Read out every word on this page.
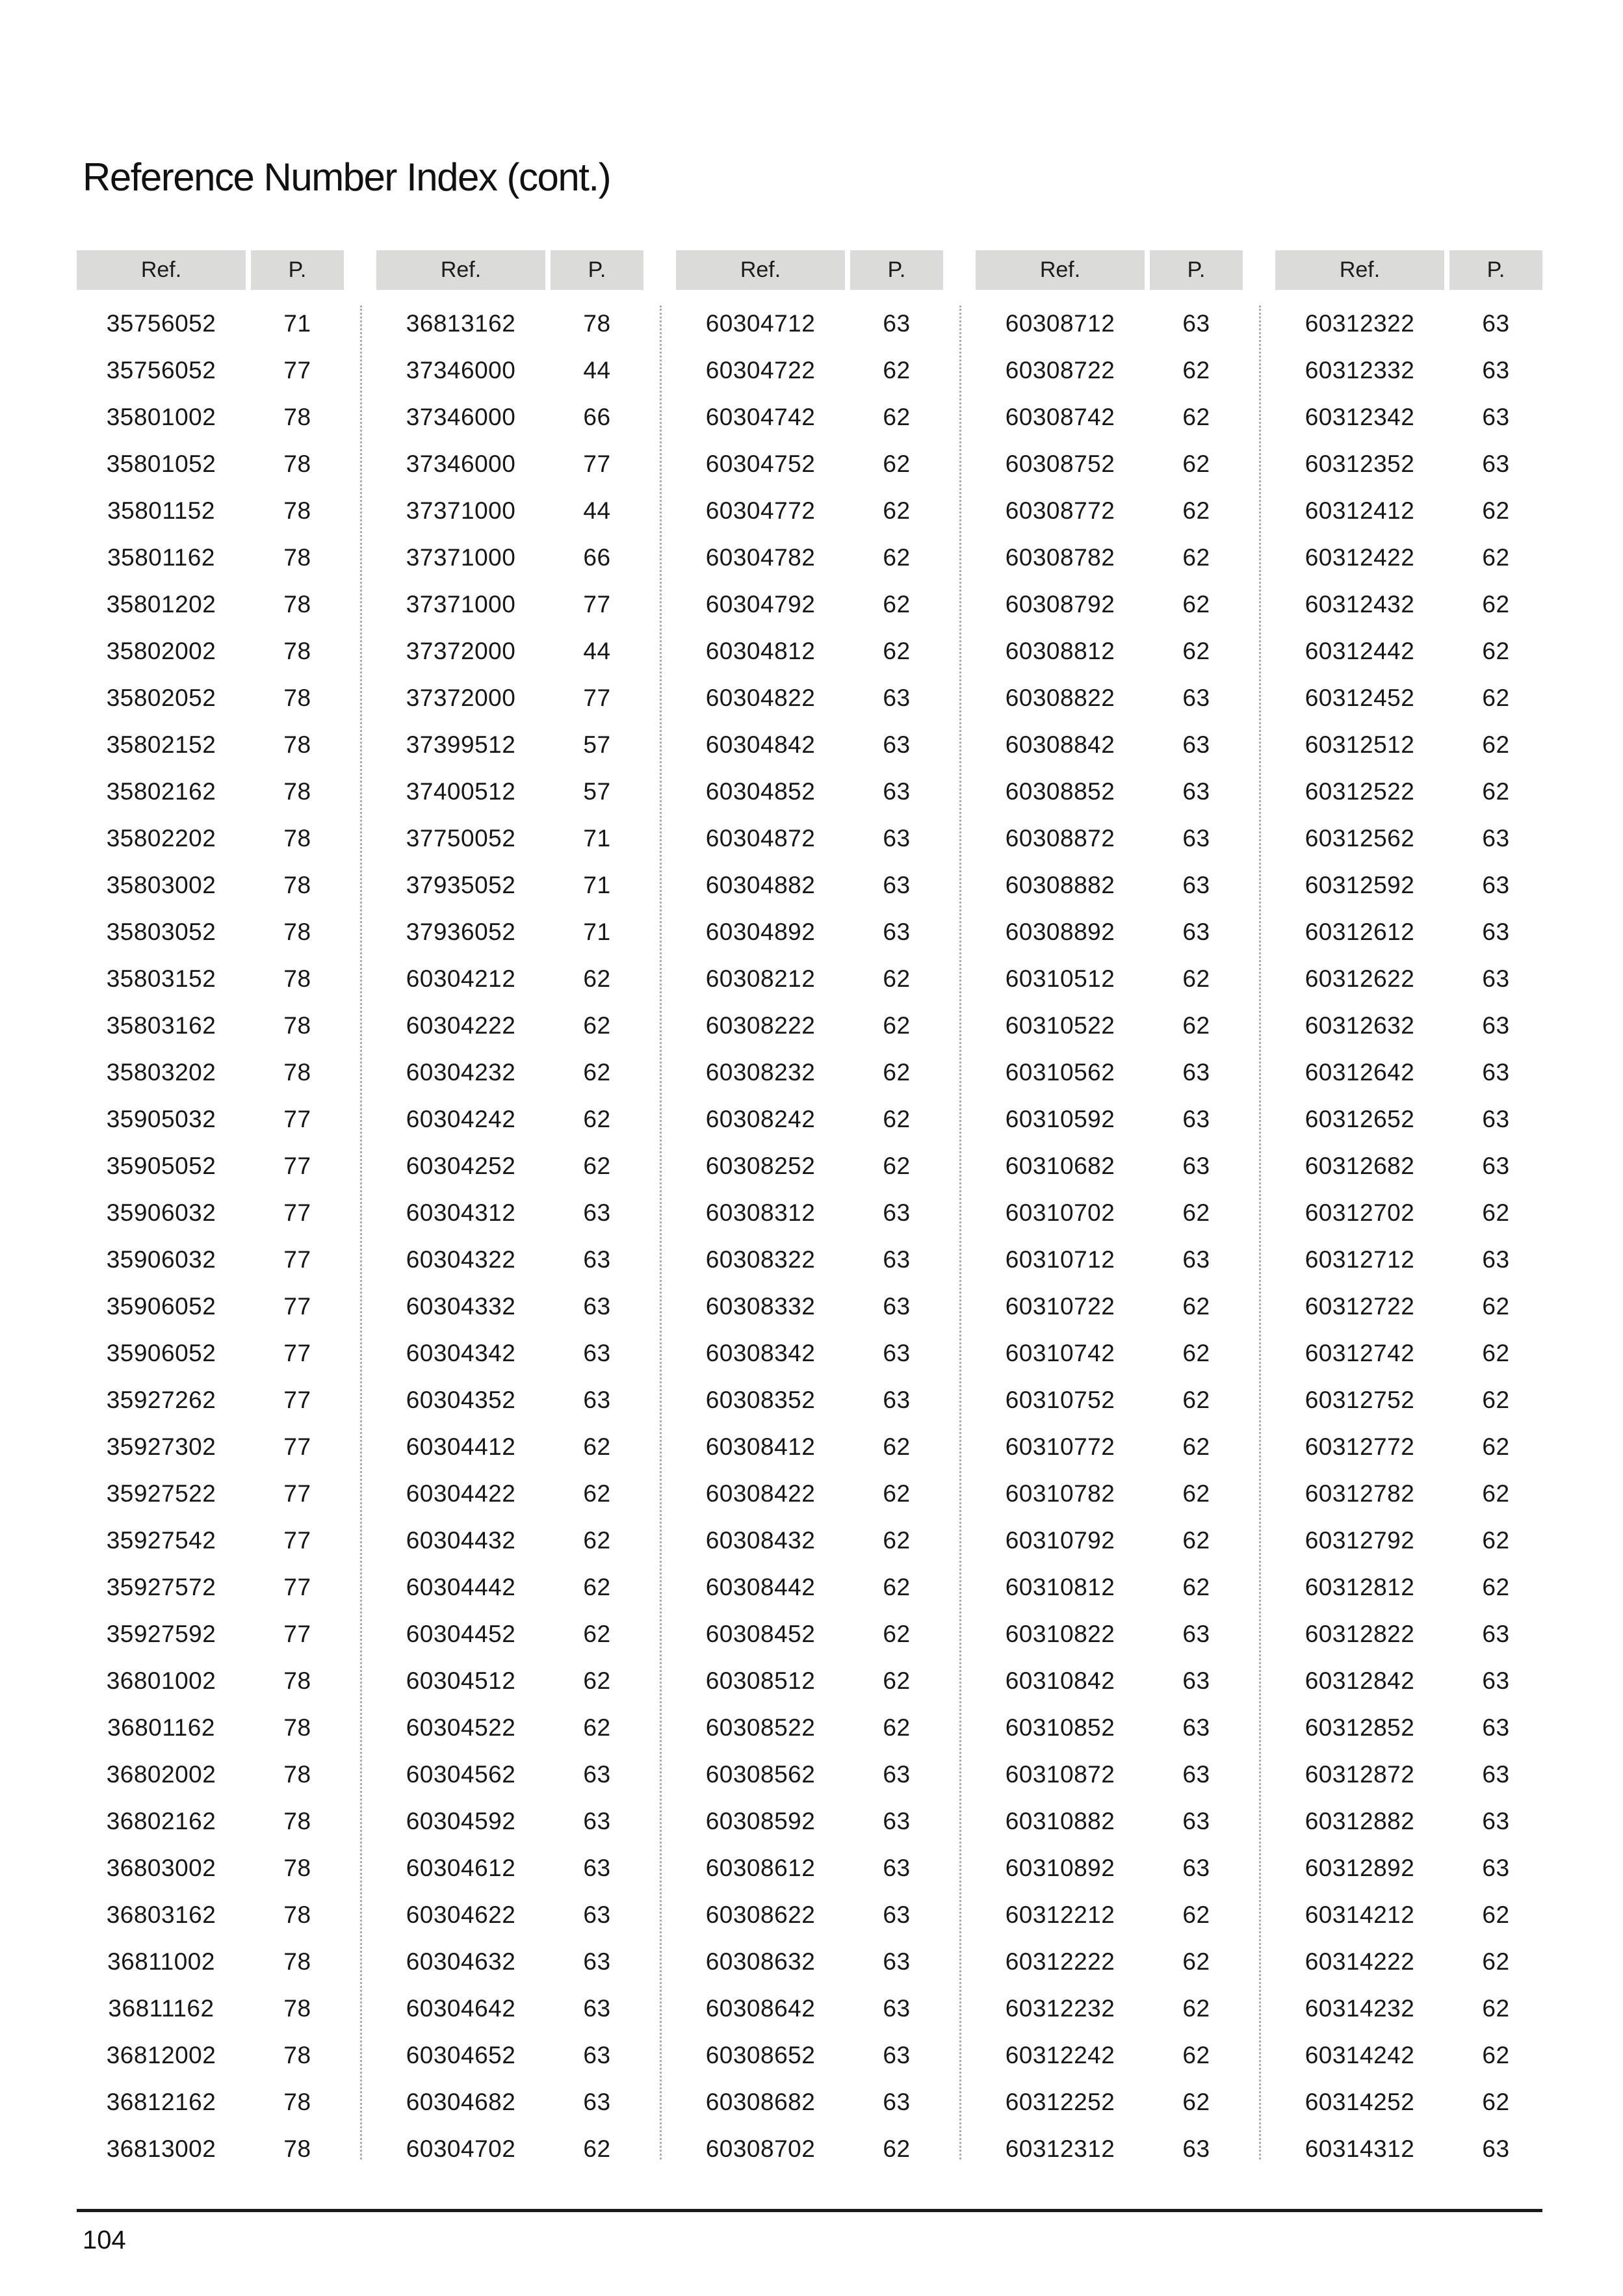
Reference Number Index (cont.)
Ref.	P.
35756052	71
35756052	77
35801002	78
35801052	78
35801152	78
35801162	78
35801202	78
35802002	78
35802052	78
35802152	78
35802162	78
35802202	78
35803002	78
35803052	78
35803152	78
35803162	78
35803202	78
35905032	77
35905052	77
35906032	77
35906032	77
35906052	77
35906052	77
35927262	77
35927302	77
35927522	77
35927542	77
35927572	77
35927592	77
36801002	78
36801162	78
36802002	78
36802162	78
36803002	78
36803162	78
36811002	78
36811162	78
36812002	78
36812162	78
36813002	78
Ref.	P.
36813162	78
37346000	44
37346000	66
37346000	77
37371000	44
37371000	66
37371000	77
37372000	44
37372000	77
37399512	57
37400512	57
37750052	71
37935052	71
37936052	71
60304212	62
60304222	62
60304232	62
60304242	62
60304252	62
60304312	63
60304322	63
60304332	63
60304342	63
60304352	63
60304412	62
60304422	62
60304432	62
60304442	62
60304452	62
60304512	62
60304522	62
60304562	63
60304592	63
60304612	63
60304622	63
60304632	63
60304642	63
60304652	63
60304682	63
60304702	62
Ref.	P.
60304712	63
60304722	62
60304742	62
60304752	62
60304772	62
60304782	62
60304792	62
60304812	62
60304822	63
60304842	63
60304852	63
60304872	63
60304882	63
60304892	63
60308212	62
60308222	62
60308232	62
60308242	62
60308252	62
60308312	63
60308322	63
60308332	63
60308342	63
60308352	63
60308412	62
60308422	62
60308432	62
60308442	62
60308452	62
60308512	62
60308522	62
60308562	63
60308592	63
60308612	63
60308622	63
60308632	63
60308642	63
60308652	63
60308682	63
60308702	62
Ref.	P.
60308712	63
60308722	62
60308742	62
60308752	62
60308772	62
60308782	62
60308792	62
60308812	62
60308822	63
60308842	63
60308852	63
60308872	63
60308882	63
60308892	63
60310512	62
60310522	62
60310562	63
60310592	63
60310682	63
60310702	62
60310712	63
60310722	62
60310742	62
60310752	62
60310772	62
60310782	62
60310792	62
60310812	62
60310822	63
60310842	63
60310852	63
60310872	63
60310882	63
60310892	63
60312212	62
60312222	62
60312232	62
60312242	62
60312252	62
60312312	63
Ref.	P.
60312322	63
60312332	63
60312342	63
60312352	63
60312412	62
60312422	62
60312432	62
60312442	62
60312452	62
60312512	62
60312522	62
60312562	63
60312592	63
60312612	63
60312622	63
60312632	63
60312642	63
60312652	63
60312682	63
60312702	62
60312712	63
60312722	62
60312742	62
60312752	62
60312772	62
60312782	62
60312792	62
60312812	62
60312822	63
60312842	63
60312852	63
60312872	63
60312882	63
60312892	63
60314212	62
60314222	62
60314232	62
60314242	62
60314252	62
60314312	63
104
